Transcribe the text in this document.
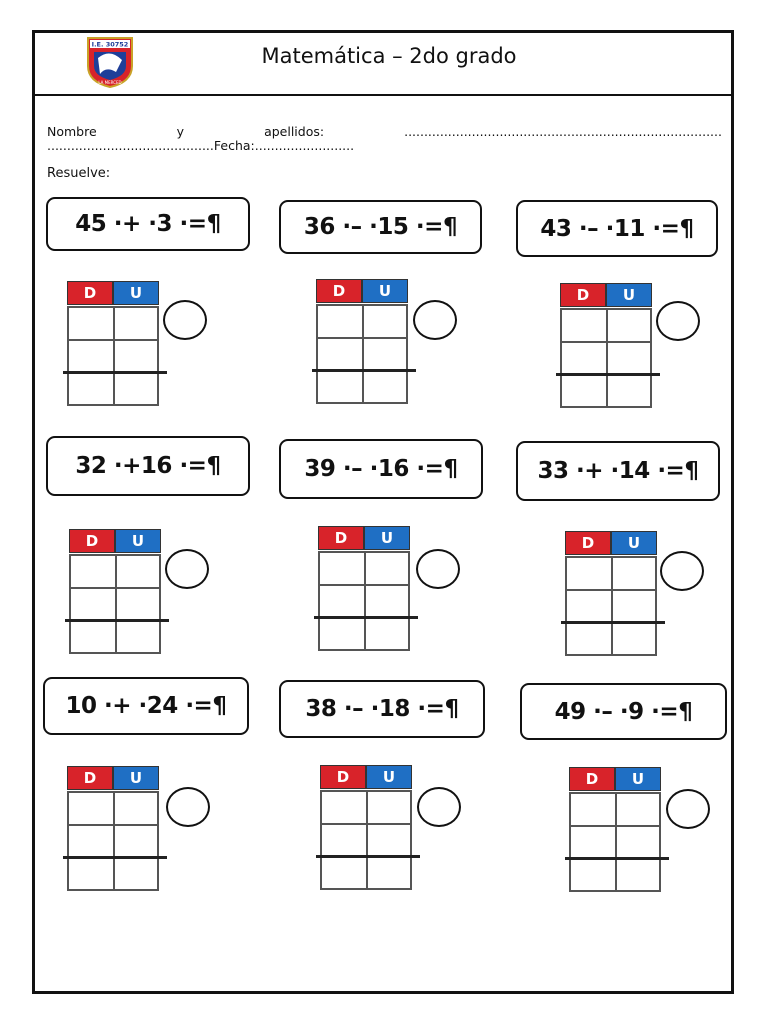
I.E. 30752
LA MERCED
Matemática – 2do grado
Nombre	y	apellidos:	................................................................................
..........................................Fecha:.........................
Resuelve:
45 ·+ ·3 ·=¶
D	U
36 ·– ·15 ·=¶
D	U
43 ·– ·11 ·=¶
D	U
32 ·+16 ·=¶
D	U
39 ·– ·16 ·=¶
D	U
33 ·+ ·14 ·=¶
D	U
10 ·+ ·24 ·=¶
D	U
38 ·– ·18 ·=¶
D	U
49 ·– ·9 ·=¶
D	U
